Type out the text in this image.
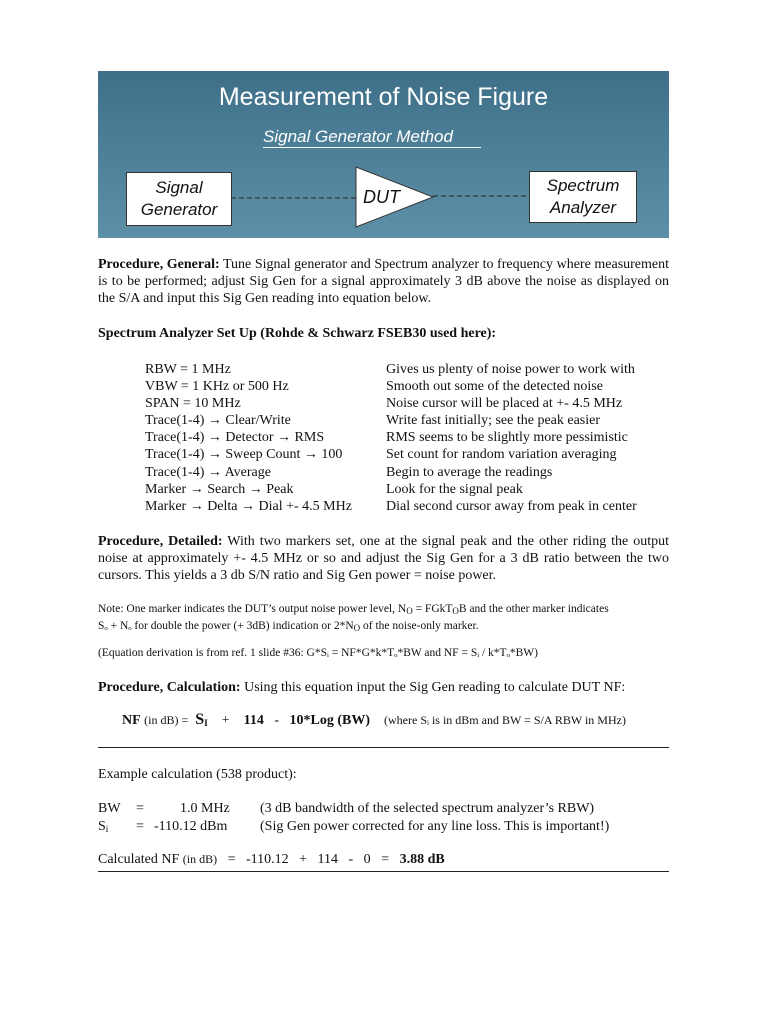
Measurement of Noise Figure
Signal Generator Method
DUT
Signal
Generator
Spectrum
Analyzer
Procedure, General: Tune Signal generator and Spectrum analyzer to frequency where measurement is to be performed; adjust Sig Gen for a signal approximately 3 dB above the noise as displayed on the S/A and input this Sig Gen reading into equation below.
Spectrum Analyzer Set Up (Rohde & Schwarz FSEB30 used here):
RBW = 1 MHz	Gives us plenty of noise power to work with
VBW = 1 KHz or 500 Hz	Smooth out some of the detected noise
SPAN = 10 MHz	Noise cursor will be placed at +- 4.5 MHz
Trace(1-4) → Clear/Write	Write fast initially; see the peak easier
Trace(1-4) → Detector → RMS	RMS seems to be slightly more pessimistic
Trace(1-4) → Sweep Count → 100	Set count for random variation averaging
Trace(1-4) → Average	Begin to average the readings
Marker → Search → Peak	Look for the signal peak
Marker → Delta → Dial +- 4.5 MHz	Dial second cursor away from peak in center
Procedure, Detailed: With two markers set, one at the signal peak and the other riding the output noise at approximately +- 4.5 MHz or so and adjust the Sig Gen for a 3 dB ratio between the two cursors. This yields a 3 db S/N ratio and Sig Gen power = noise power.
Note: One marker indicates the DUT’s output noise power level, $N_O$ = FGkT$_O$B and the other marker indicates
Sₒ + Nₒ for double the power (+ 3dB) indication or $2*N_O$ of the noise-only marker.
(Equation derivation is from ref. 1 slide #36: G*Sᵢ = NF*G*k*Tₒ*BW and NF = Sᵢ / k*Tₒ*BW)
Procedure, Calculation: Using this equation input the Sig Gen reading to calculate DUT NF:
NF (in $dB) = S_I + 114 - 10*Log$ (BW) (where Sᵢ is in dBm and BW = S/A RBW in MHz)
Example calculation (538 product):
BW =	1.0 MHz (3 dB bandwidth of the selected spectrum analyzer’s RBW)
$S_i = -110.12$ dBm (Sig Gen power corrected for any line loss. This is important!)
Calculated NF (in dB) =   -110.12   +   114   -   0   = 3.88 dB
